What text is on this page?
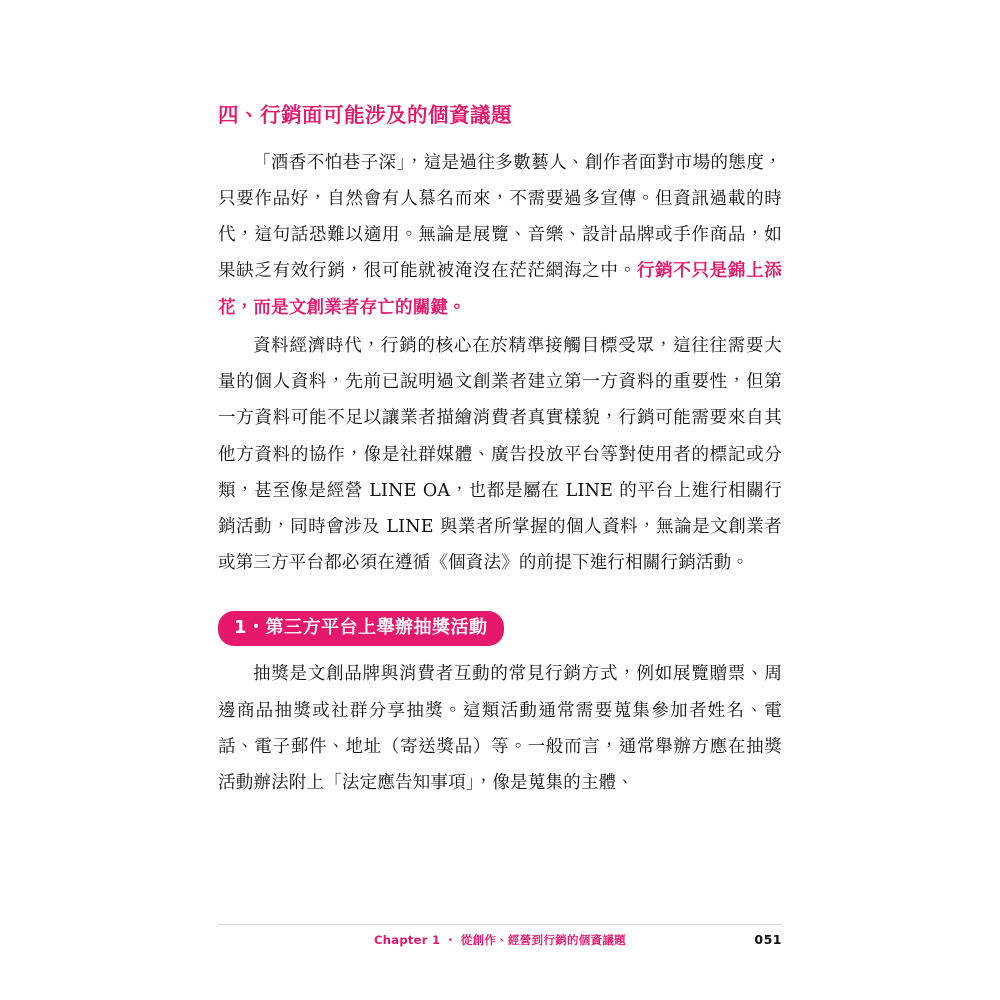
四、行銷面可能涉及的個資議題

「酒香不怕巷子深」，這是過往多數藝人、創作者面對市場的態度，只要作品好，自然會有人慕名而來，不需要過多宣傳。但資訊過載的時代，這句話恐難以適用。無論是展覽、音樂、設計品牌或手作商品，如果缺乏有效行銷，很可能就被淹沒在茫茫網海之中。行銷不只是錦上添花，而是文創業者存亡的關鍵。

資料經濟時代，行銷的核心在於精準接觸目標受眾，這往往需要大量的個人資料，先前已說明過文創業者建立第一方資料的重要性，但第一方資料可能不足以讓業者描繪消費者真實樣貌，行銷可能需要來自其他方資料的協作，像是社群媒體、廣告投放平台等對使用者的標記或分類，甚至像是經營 LINE OA，也都是屬在 LINE 的平台上進行相關行銷活動，同時會涉及 LINE 與業者所掌握的個人資料，無論是文創業者或第三方平台都必須在遵循《個資法》的前提下進行相關行銷活動。

1・第三方平台上舉辦抽獎活動

抽獎是文創品牌與消費者互動的常見行銷方式，例如展覽贈票、周邊商品抽獎或社群分享抽獎。這類活動通常需要蒐集參加者姓名、電話、電子郵件、地址（寄送獎品）等。一般而言，通常舉辦方應在抽獎活動辦法附上「法定應告知事項」，像是蒐集的主體、

Chapter 1 ・ 從創作、經營到行銷的個資議題	051
